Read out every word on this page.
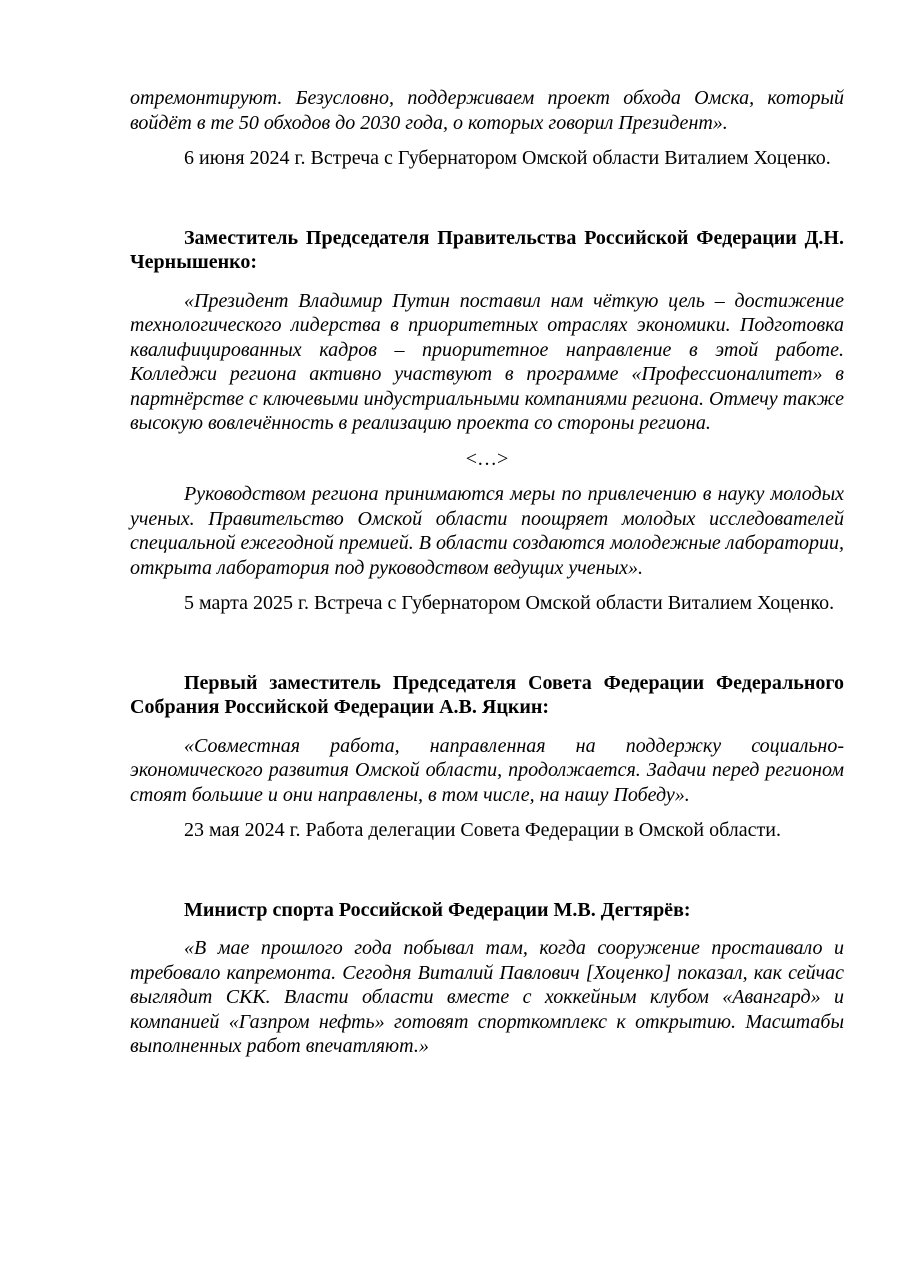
отремонтируют. Безусловно, поддерживаем проект обхода Омска, который войдёт в те 50 обходов до 2030 года, о которых говорил Президент».

6 июня 2024 г. Встреча с Губернатором Омской области Виталием Хоценко.

Заместитель Председателя Правительства Российской Федерации Д.Н. Чернышенко:

«Президент Владимир Путин поставил нам чёткую цель – достижение технологического лидерства в приоритетных отраслях экономики. Подготовка квалифицированных кадров – приоритетное направление в этой работе. Колледжи региона активно участвуют в программе «Профессионалитет» в партнёрстве с ключевыми индустриальными компаниями региона. Отмечу также высокую вовлечённость в реализацию проекта со стороны региона.

<…>

Руководством региона принимаются меры по привлечению в науку молодых ученых. Правительство Омской области поощряет молодых исследователей специальной ежегодной премией. В области создаются молодежные лаборатории, открыта лаборатория под руководством ведущих ученых».

5 марта 2025 г. Встреча с Губернатором Омской области Виталием Хоценко.

Первый заместитель Председателя Совета Федерации Федерального Собрания Российской Федерации А.В. Яцкин:

«Совместная работа, направленная на поддержку социально-экономического развития Омской области, продолжается. Задачи перед регионом стоят большие и они направлены, в том числе, на нашу Победу».

23 мая 2024 г. Работа делегации Совета Федерации в Омской области.

Министр спорта Российской Федерации М.В. Дегтярёв:

«В мае прошлого года побывал там, когда сооружение простаивало и требовало капремонта. Сегодня Виталий Павлович [Хоценко] показал, как сейчас выглядит СКК. Власти области вместе с хоккейным клубом «Авангард» и компанией «Газпром нефть» готовят спорткомплекс к открытию. Масштабы выполненных работ впечатляют.»
